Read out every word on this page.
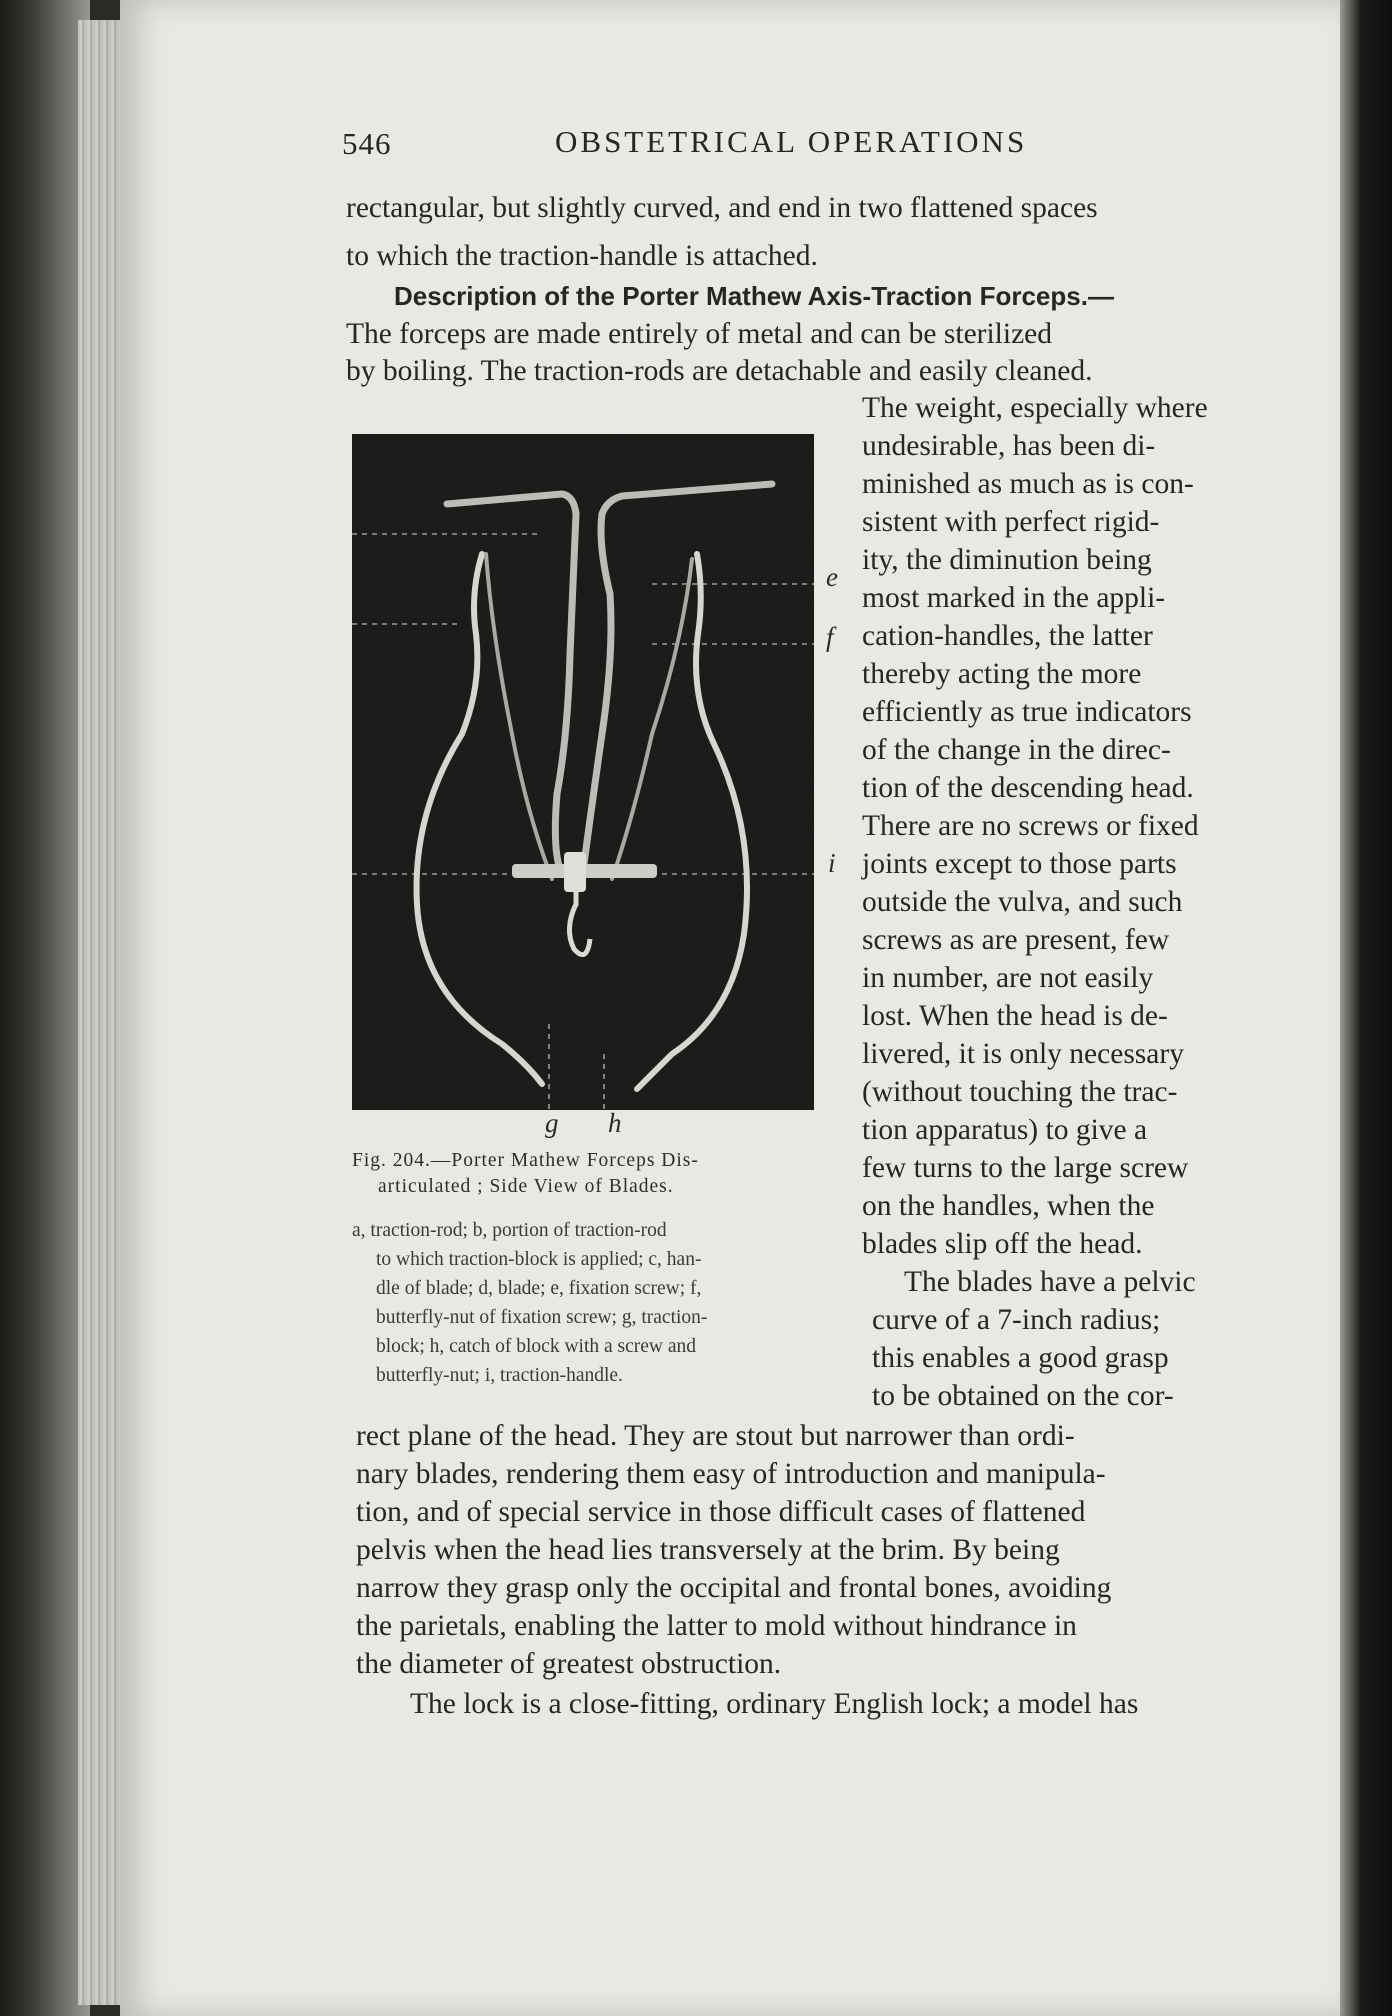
546	OBSTETRICAL OPERATIONS

rectangular, but slightly curved, and end in two flattened spaces

to which the traction-handle is attached.

Description of the Porter Mathew Axis-Traction Forceps.—

The forceps are made entirely of metal and can be sterilized

by boiling. The traction-rods are detachable and easily cleaned.

e
f
i
g h

Fig. 204.—Porter Mathew Forceps Dis-

articulated ; Side View of Blades.

a, traction-rod; b, portion of traction-rod

to which traction-block is applied; c, han-

dle of blade; d, blade; e, fixation screw; f,

butterfly-nut of fixation screw; g, traction-

block; h, catch of block with a screw and

butterfly-nut; i, traction-handle.

The weight, especially where

undesirable, has been di-

minished as much as is con-

sistent with perfect rigid-

ity, the diminution being

most marked in the appli-

cation-handles, the latter

thereby acting the more

efficiently as true indicators

of the change in the direc-

tion of the descending head.

There are no screws or fixed

joints except to those parts

outside the vulva, and such

screws as are present, few

in number, are not easily

lost. When the head is de-

livered, it is only necessary

(without touching the trac-

tion apparatus) to give a

few turns to the large screw

on the handles, when the

blades slip off the head.

The blades have a pelvic

curve of a 7-inch radius;

this enables a good grasp

to be obtained on the cor-

rect plane of the head. They are stout but narrower than ordi-

nary blades, rendering them easy of introduction and manipula-

tion, and of special service in those difficult cases of flattened

pelvis when the head lies transversely at the brim. By being

narrow they grasp only the occipital and frontal bones, avoiding

the parietals, enabling the latter to mold without hindrance in

the diameter of greatest obstruction.

The lock is a close-fitting, ordinary English lock; a model has
